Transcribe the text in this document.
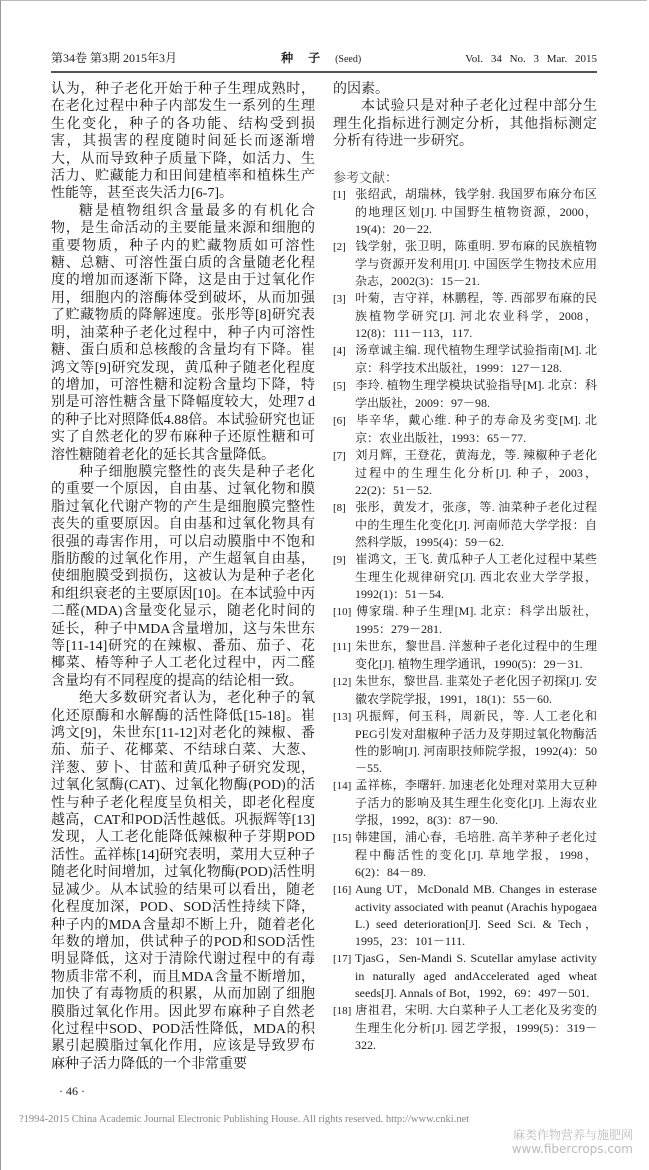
第34卷 第3期 2015年3月	种 子 (Seed)	Vol. 34 No. 3 Mar. 2015

认为，种子老化开始于种子生理成熟时，在老化过程中种子内部发生一系列的生理生化变化，种子的各功能、结构受到损害，其损害的程度随时间延长而逐渐增大，从而导致种子质量下降，如活力、生活力、贮藏能力和田间建植率和植株生产性能等，甚至丧失活力[6-7]。

糖是植物组织含量最多的有机化合物，是生命活动的主要能量来源和细胞的重要物质，种子内的贮藏物质如可溶性糖、总糖、可溶性蛋白质的含量随老化程度的增加而逐渐下降，这是由于过氧化作用，细胞内的溶酶体受到破坏，从而加强了贮藏物质的降解速度。张彤等[8]研究表明，油菜种子老化过程中，种子内可溶性糖、蛋白质和总核酸的含量均有下降。崔鸿文等[9]研究发现，黄瓜种子随老化程度的增加，可溶性糖和淀粉含量均下降，特别是可溶性糖含量下降幅度较大，处理7 d的种子比对照降低4.88倍。本试验研究也证实了自然老化的罗布麻种子还原性糖和可溶性糖随着老化的延长其含量降低。

种子细胞膜完整性的丧失是种子老化的重要一个原因，自由基、过氧化物和膜脂过氧化代谢产物的产生是细胞膜完整性丧失的重要原因。自由基和过氧化物具有很强的毒害作用，可以启动膜脂中不饱和脂肪酸的过氧化作用，产生超氧自由基，使细胞膜受到损伤，这被认为是种子老化和组织衰老的主要原因[10]。在本试验中丙二醛(MDA)含量变化显示，随老化时间的延长，种子中MDA含量增加，这与朱世东等[11-14]研究的在辣椒、番茄、茄子、花椰菜、椿等种子人工老化过程中，丙二醛含量均有不同程度的提高的结论相一致。

绝大多数研究者认为，老化种子的氧化还原酶和水解酶的活性降低[15-18]。崔鸿文[9]，朱世东[11-12]对老化的辣椒、番茄、茄子、花椰菜、不结球白菜、大葱、洋葱、萝卜、甘蓝和黄瓜种子研究发现，过氧化氢酶(CAT)、过氧化物酶(POD)的活性与种子老化程度呈负相关，即老化程度越高，CAT和POD活性越低。巩振辉等[13]发现，人工老化能降低辣椒种子芽期POD活性。孟祥栋[14]研究表明，菜用大豆种子随老化时间增加，过氧化物酶(POD)活性明显减少。从本试验的结果可以看出，随老化程度加深，POD、SOD活性持续下降，种子内的MDA含量却不断上升，随着老化年数的增加，供试种子的POD和SOD活性明显降低，这对于清除代谢过程中的有毒物质非常不利，而且MDA含量不断增加，加快了有毒物质的积累，从而加剧了细胞膜脂过氧化作用。因此罗布麻种子自然老化过程中SOD、POD活性降低，MDA的积累引起膜脂过氧化作用，应该是导致罗布麻种子活力降低的一个非常重要

的因素。

本试验只是对种子老化过程中部分生理生化指标进行测定分析，其他指标测定分析有待进一步研究。

参考文献：

[1] 张绍武，胡瑞林，钱学射. 我国罗布麻分布区的地理区划[J]. 中国野生植物资源，2000，19(4)：20－22.

[2] 钱学射，张卫明，陈重明. 罗布麻的民族植物学与资源开发利用[J]. 中国医学生物技术应用杂志，2002(3)：15－21.

[3] 叶菊，吉守祥，林鹏程，等. 西部罗布麻的民族植物学研究[J]. 河北农业科学，2008，12(8)：111－113，117.

[4] 汤章诚主编. 现代植物生理学试验指南[M]. 北京：科学技术出版社，1999：127－128.

[5] 李玲. 植物生理学模块试验指导[M]. 北京：科学出版社，2009：97－98.

[6] 毕辛华，戴心维. 种子的寿命及劣变[M]. 北京：农业出版社，1993：65－77.

[7] 刘月辉，王登花，黄海龙，等. 辣椒种子老化过程中的生理生化分析[J]. 种子，2003，22(2)：51－52.

[8] 张彤，黄发才，张彦，等. 油菜种子老化过程中的生理生化变化[J]. 河南师范大学学报：自然科学版，1995(4)：59－62.

[9] 崔鸿文，王飞. 黄瓜种子人工老化过程中某些生理生化规律研究[J]. 西北农业大学学报，1992(1)：51－54.

[10] 傅家瑞. 种子生理[M]. 北京：科学出版社，1995：279－281.

[11] 朱世东，黎世昌. 洋葱种子老化过程中的生理变化[J]. 植物生理学通讯，1990(5)：29－31.

[12] 朱世东，黎世昌. 韭菜处子老化因子初探[J]. 安徽农学院学报，1991，18(1)：55－60.

[13] 巩振辉，何玉科，周新民，等. 人工老化和PEG引发对甜椒种子活力及芽期过氧化物酶活性的影响[J]. 河南职技师院学报，1992(4)：50－55.

[14] 孟祥栋，李曙轩. 加速老化处理对菜用大豆种子活力的影响及其生理生化变化[J]. 上海农业学报，1992，8(3)：87－90.

[15] 韩建国，浦心春，毛培胜. 高羊茅种子老化过程中酶活性的变化[J]. 草地学报，1998，6(2)：84－89.

[16] Aung UT，McDonald MB. Changes in esterase activity associated with peanut (Arachis hypogaea L.) seed deterioration[J]. Seed Sci. & Tech，1995，23：101－111.

[17] TjasG，Sen-Mandi S. Scutellar amylase activity in naturally aged andAccelerated aged wheat seeds[J]. Annals of Bot，1992，69：497－501.

[18] 唐祖君，宋明. 大白菜种子人工老化及劣变的生理生化分析[J]. 园艺学报，1999(5)：319－322.

· 46 ·
?1994-2015 China Academic Journal Electronic Publishing House. All rights reserved. http://www.cnki.net
麻类作物营养与施肥网
www.fibercrops.com
